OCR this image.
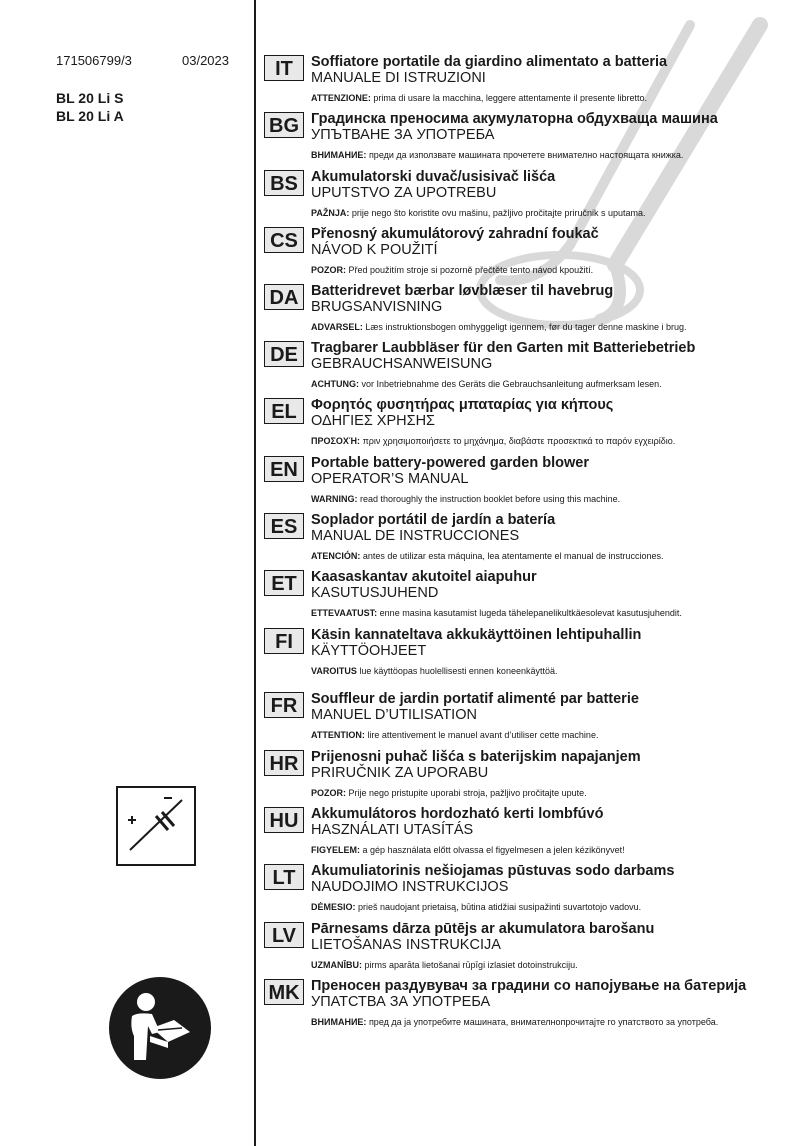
171506799/3	03/2023
BL 20 Li S
BL 20 Li A
IT	Soffiatore portatile da giardino alimentato a batteria
MANUALE DI ISTRUZIONI
ATTENZIONE: prima di usare la macchina, leggere attentamente il presente libretto.
BG Градинска преносима акумулаторна обдухваща машина
УПЪТВАНЕ ЗА УПОТРЕБА
ВНИМАНИЕ: преди да използвате машината прочетете внимателно настоящата книжка.
BS Akumulatorski duvač/usisivač lišća
UPUTSTVO ZA UPOTREBU
PAŽNJA: prije nego što koristite ovu mašinu, pažljivo pročitajte priručnik s uputama.
CS Přenosný akumulátorový zahradní foukač
NÁVOD K POUŽITÍ
POZOR: Před použitím stroje si pozorně přečtěte tento návod kpoužití.
DA Batteridrevet bærbar løvblæser til havebrug
BRUGSANVISNING
ADVARSEL: Læs instruktionsbogen omhyggeligt igennem, før du tager denne maskine i brug.
DE Tragbarer Laubbläser für den Garten mit Batteriebetrieb
GEBRAUCHSANWEISUNG
ACHTUNG: vor Inbetriebnahme des Geräts die Gebrauchsanleitung aufmerksam lesen.
EL Φορητός φυσητήρας μπαταρίας για κήπους
ΟΔΗΓΙΕΣ ΧΡΗΣΗΣ
ΠΡΟΣΟΧΉ: πριν χρησιμοποιήσετε το μηχάνημα, διαβάστε προσεκτικά το παρόν εγχειρίδιο.
EN Portable battery-powered garden blower
OPERATOR’S MANUAL
WARNING: read thoroughly the instruction booklet before using this machine.
ES Soplador portátil de jardín a batería
MANUAL DE INSTRUCCIONES
ATENCIÓN: antes de utilizar esta máquina, lea atentamente el manual de instrucciones.
ET Kaasaskantav akutoitel aiapuhur
KASUTUSJUHEND
ETTEVAATUST: enne masina kasutamist lugeda tähelepanelikultkäesolevat kasutusjuhendit.
FI	Käsin kannateltava akkukäyttöinen lehtipuhallin
KÄYTTÖOHJEET
VAROITUS lue käyttöopas huolellisesti ennen koneenkäyttöä.
FR Souffleur de jardin portatif alimenté par batterie
MANUEL D’UTILISATION
ATTENTION: lire attentivement le manuel avant d’utiliser cette machine.
HR Prijenosni puhač lišća s baterijskim napajanjem
PRIRUČNIK ZA UPORABU
POZOR: Prije nego pristupite uporabi stroja, pažljivo pročitajte upute.
HU Akkumulátoros hordozható kerti lombfúvó
HASZNÁLATI UTASÍTÁS
FIGYELEM: a gép használata előtt olvassa el figyelmesen a jelen kézikönyvet!
LT	Akumuliatorinis nešiojamas pūstuvas sodo darbams
NAUDOJIMO INSTRUKCIJOS
DĖMESIO: prieš naudojant prietaisą, būtina atidžiai susipažinti suvartotojo vadovu.
LV	Pārnesams dārza pūtējs ar akumulatora barošanu
LIETOŠANAS INSTRUKCIJA
UZMANĪBU: pirms aparāta lietošanai rūpīgi izlasiet dotoinstrukciju.
MK Преносен раздувувач за градини со напојување на батерија
УПАТСТВА ЗА УПОТРЕБА
ВНИМАНИЕ: пред да ја употребите машината, внимателнопрочитајте го упатството за употреба.
